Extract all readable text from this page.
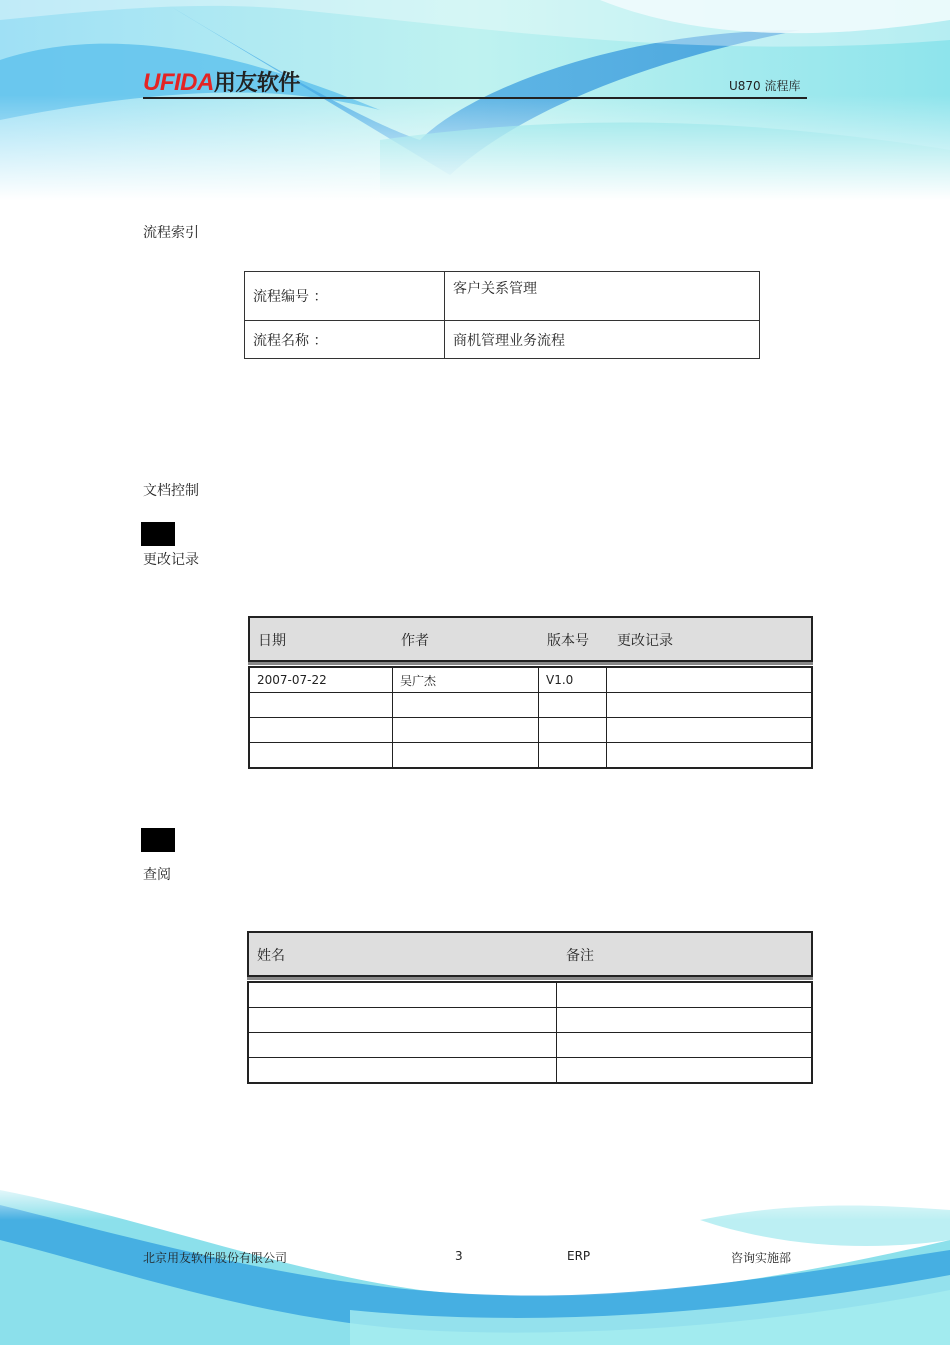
UFIDA用友软件	U870 流程库
流程索引
流程编号 ：	客户关系管理
流程名称 ：	商机管理业务流程
文档控制
更改记录
日期	作者	版本号 更改记录
2007-07-22	吴广杰	V1.0	

查阅
姓名	备注

北京用友软件股份有限公司	3	ERP	咨询实施部
